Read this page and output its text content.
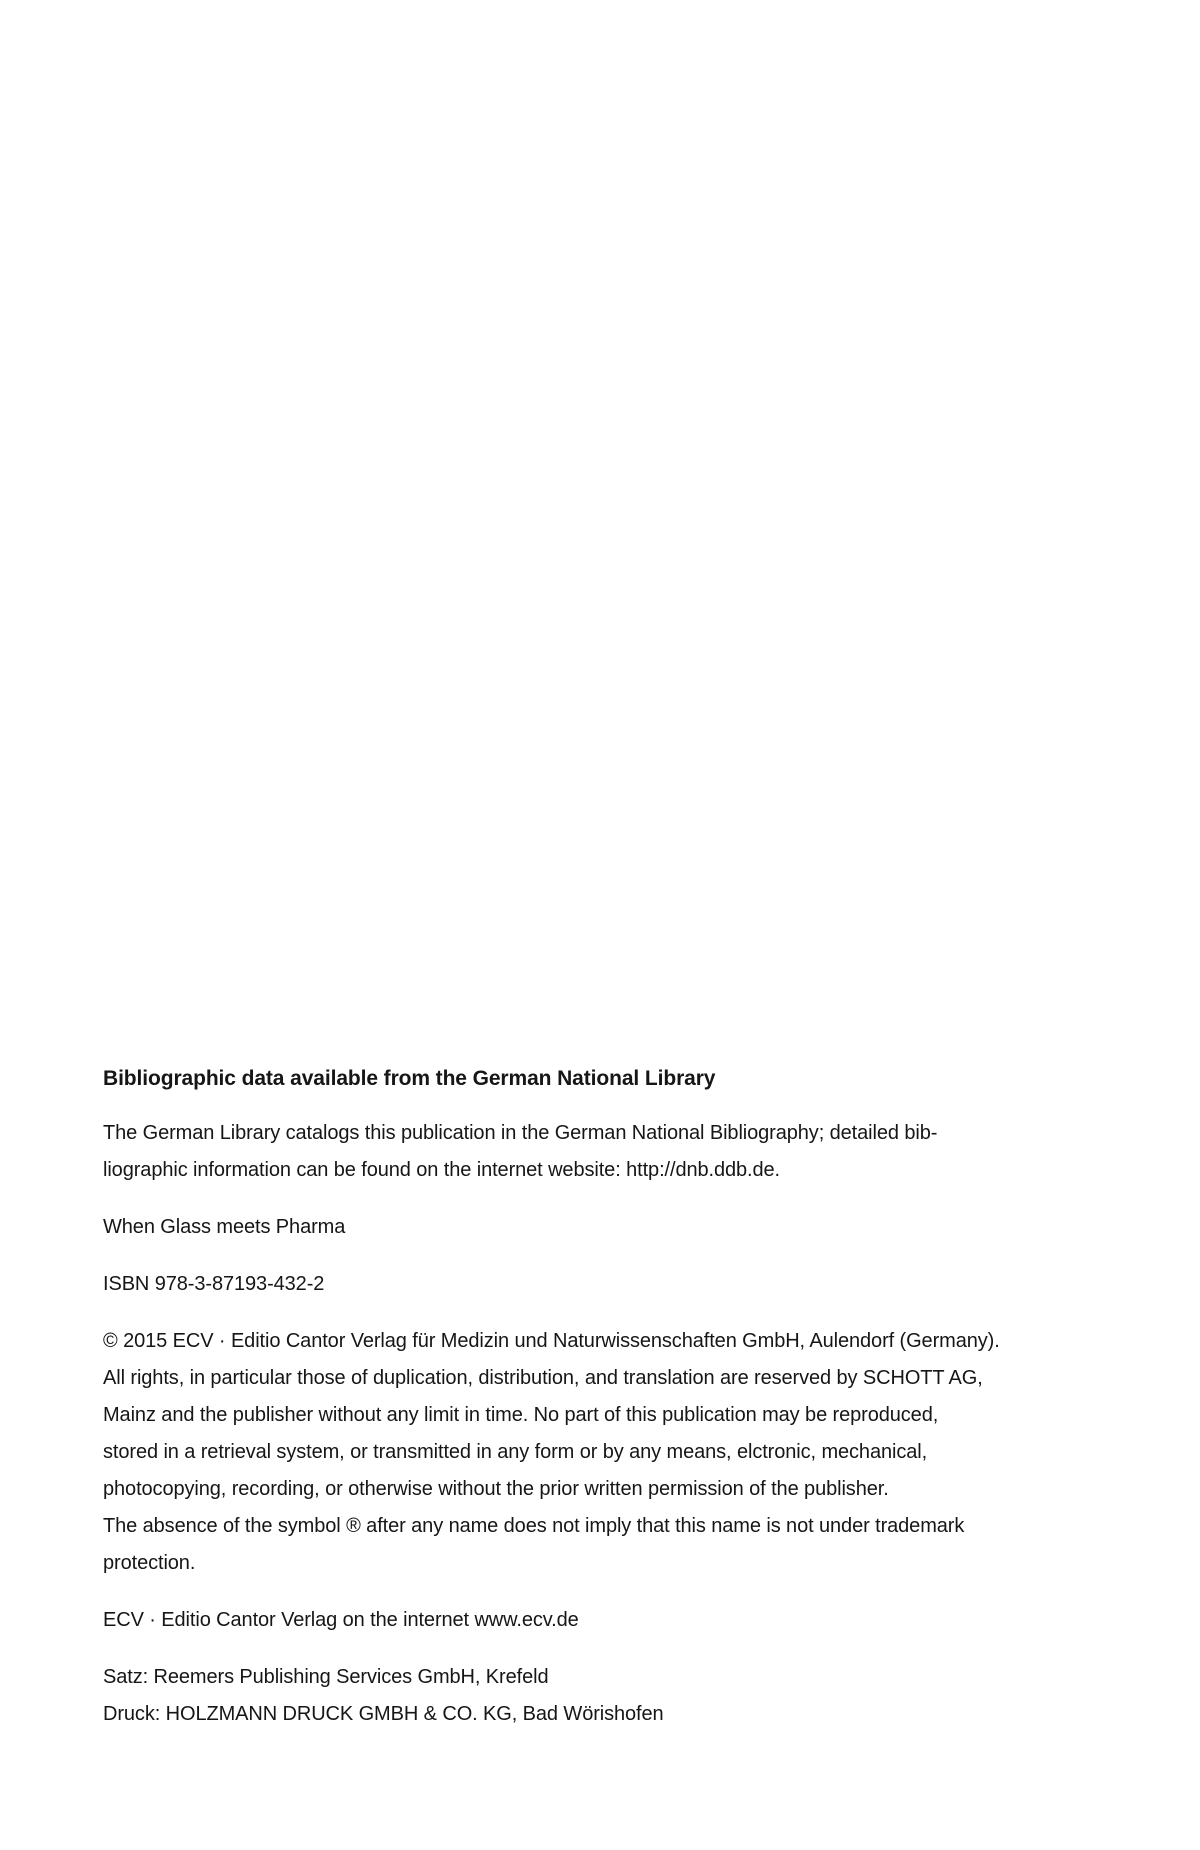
Bibliographic data available from the German National Library
The German Library catalogs this publication in the German National Bibliography; detailed bib-
liographic information can be found on the internet website: http://dnb.ddb.de.
When Glass meets Pharma
ISBN 978-3-87193-432-2
© 2015 ECV · Editio Cantor Verlag für Medizin und Naturwissenschaften GmbH, Aulendorf (Germany).
All rights, in particular those of duplication, distribution, and translation are reserved by SCHOTT AG,
Mainz and the publisher without any limit in time. No part of this publication may be reproduced,
stored in a retrieval system, or transmitted in any form or by any means, elctronic, mechanical,
photocopying, recording, or otherwise without the prior written permission of the publisher.
The absence of the symbol ® after any name does not imply that this name is not under trademark
protection.
ECV · Editio Cantor Verlag on the internet www.ecv.de
Satz: Reemers Publishing Services GmbH, Krefeld
Druck: HOLZMANN DRUCK GMBH & CO. KG, Bad Wörishofen
